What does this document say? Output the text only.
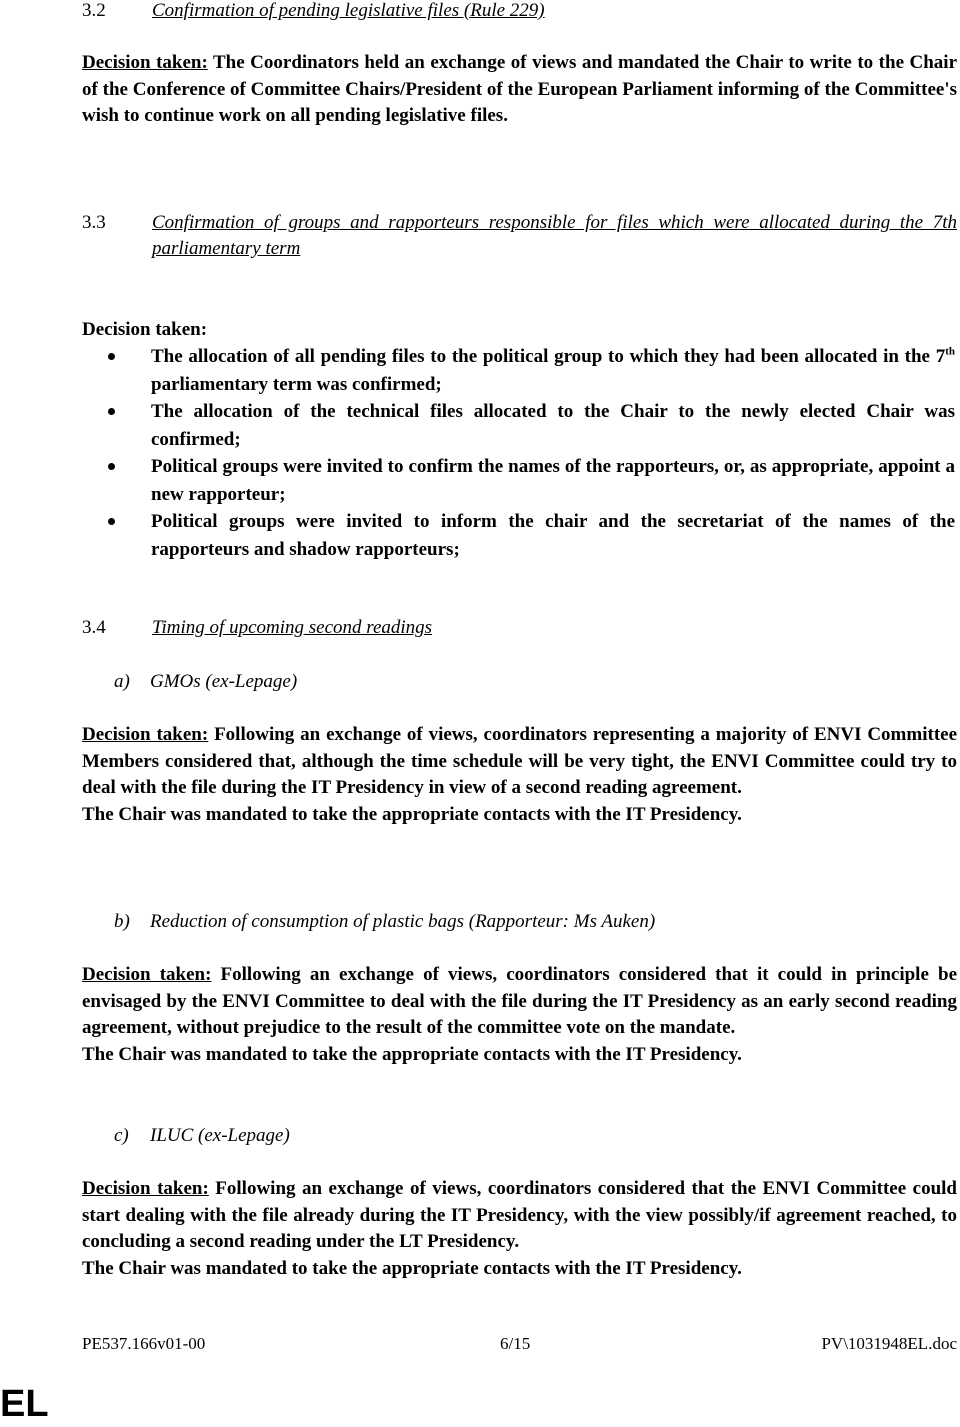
3.2 Confirmation of pending legislative files (Rule 229)

Decision taken: The Coordinators held an exchange of views and mandated the Chair to write to the Chair of the Conference of Committee Chairs/President of the European Parliament informing of the Committee's wish to continue work on all pending legislative files.

3.3	Confirmation of groups and rapporteurs responsible for files which were allocated during the 7th parliamentary term
Decision taken:
The allocation of all pending files to the political group to which they had been allocated in the 7th parliamentary term was confirmed;
The allocation of the technical files allocated to the Chair to the newly elected Chair was confirmed;
Political groups were invited to confirm the names of the rapporteurs, or, as appropriate, appoint a new rapporteur;
Political groups were invited to inform the chair and the secretariat of the names of the rapporteurs and shadow rapporteurs;
3.4 Timing of upcoming second readings
a) GMOs (ex-Lepage)

Decision taken: Following an exchange of views, coordinators representing a majority of ENVI Committee Members considered that, although the time schedule will be very tight, the ENVI Committee could try to deal with the file during the IT Presidency in view of a second reading agreement.
The Chair was mandated to take the appropriate contacts with the IT Presidency.

b) Reduction of consumption of plastic bags (Rapporteur: Ms Auken)

Decision taken: Following an exchange of views, coordinators considered that it could in principle be envisaged by the ENVI Committee to deal with the file during the IT Presidency as an early second reading agreement, without prejudice to the result of the committee vote on the mandate.
The Chair was mandated to take the appropriate contacts with the IT Presidency.

c) ILUC (ex-Lepage)

Decision taken: Following an exchange of views, coordinators considered that the ENVI Committee could start dealing with the file already during the IT Presidency, with the view possibly/if agreement reached, to concluding a second reading under the LT Presidency.
The Chair was mandated to take the appropriate contacts with the IT Presidency.

PE537.166v01-00	6/15	PV\1031948EL.doc
EL
